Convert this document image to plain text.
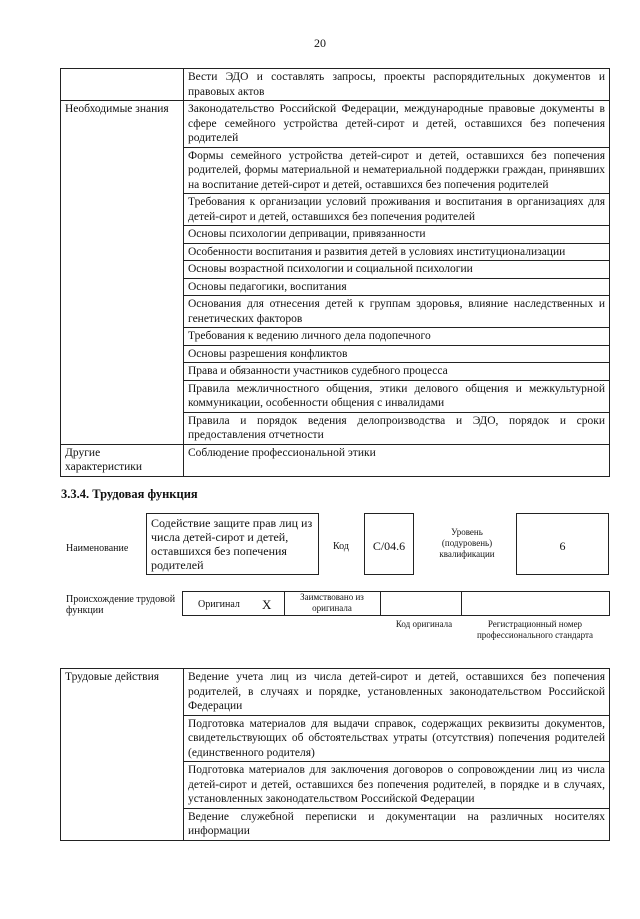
20
	Вести ЭДО и составлять запросы, проекты распорядительных документов и правовых актов
Необходимые знания	Законодательство Российской Федерации, международные правовые документы в сфере семейного устройства детей-сирот и детей, оставшихся без попечения родителей
	Формы семейного устройства детей-сирот и детей, оставшихся без попечения родителей, формы материальной и нематериальной поддержки граждан, принявших на воспитание детей-сирот и детей, оставшихся без попечения родителей
	Требования к организации условий проживания и воспитания в организациях для детей-сирот и детей, оставшихся без попечения родителей
	Основы психологии депривации, привязанности
	Особенности воспитания и развития детей в условиях институционализации
	Основы возрастной психологии и социальной психологии
	Основы педагогики, воспитания
	Основания для отнесения детей к группам здоровья, влияние наследственных и генетических факторов
	Требования к ведению личного дела подопечного
	Основы разрешения конфликтов
	Права и обязанности участников судебного процесса
	Правила межличностного общения, этики делового общения и межкультурной коммуникации, особенности общения с инвалидами
	Правила и порядок ведения делопроизводства и ЭДО, порядок и сроки предоставления отчетности
Другие характеристики	Соблюдение профессиональной этики
3.3.4. Трудовая функция
Наименование
Содействие защите прав лиц из числа детей-сирот и детей, оставшихся без попечения родителей
Код	C/04.6
Уровень (подуровень) квалификации
6
Происхождение трудовой функции
Оригинал X	Заимствовано из оригинала
Код оригинала	Регистрационный номер профессионального стандарта
Трудовые действия	Ведение учета лиц из числа детей-сирот и детей, оставшихся без попечения родителей, в случаях и порядке, установленных законодательством Российской Федерации
Подготовка материалов для выдачи справок, содержащих реквизиты документов, свидетельствующих об обстоятельствах утраты (отсутствия) попечения родителей (единственного родителя)
Подготовка материалов для заключения договоров о сопровождении лиц из числа детей-сирот и детей, оставшихся без попечения родителей, в порядке и в случаях, установленных законодательством Российской Федерации
Ведение служебной переписки и документации на различных носителях информации
